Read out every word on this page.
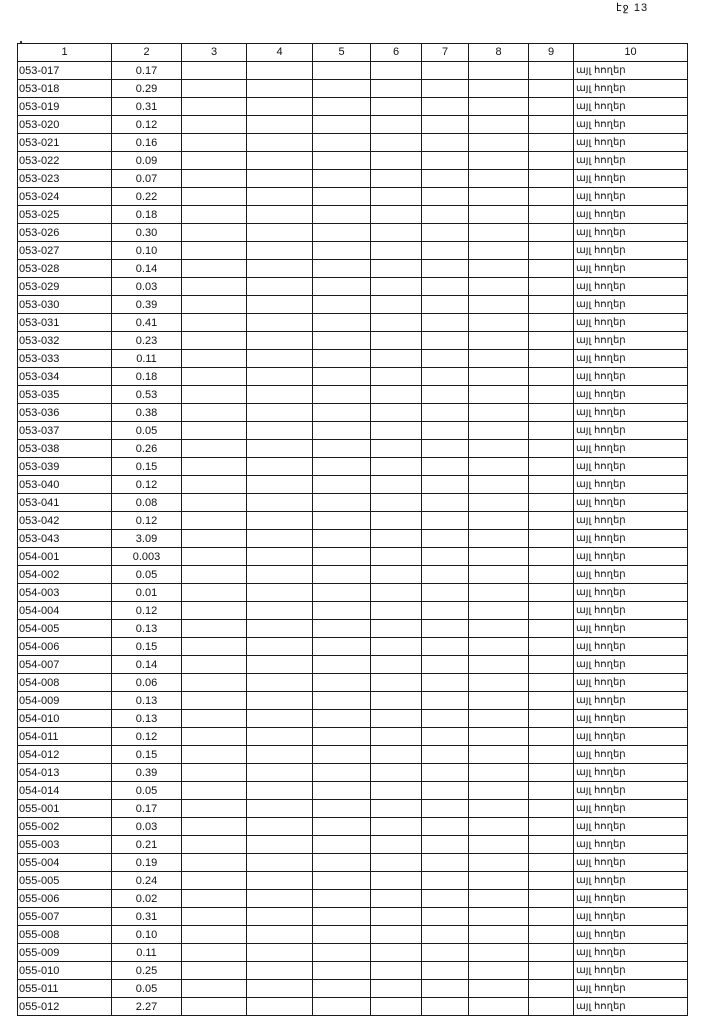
էջ 13
1	2	3	4	5	6	7	8	9	10
053-017	0.17								այլ հողեր
053-018	0.29								այլ հողեր
053-019	0.31								այլ հողեր
053-020	0.12								այլ հողեր
053-021	0.16								այլ հողեր
053-022	0.09								այլ հողեր
053-023	0.07								այլ հողեր
053-024	0.22								այլ հողեր
053-025	0.18								այլ հողեր
053-026	0.30								այլ հողեր
053-027	0.10								այլ հողեր
053-028	0.14								այլ հողեր
053-029	0.03								այլ հողեր
053-030	0.39								այլ հողեր
053-031	0.41								այլ հողեր
053-032	0.23								այլ հողեր
053-033	0.11								այլ հողեր
053-034	0.18								այլ հողեր
053-035	0.53								այլ հողեր
053-036	0.38								այլ հողեր
053-037	0.05								այլ հողեր
053-038	0.26								այլ հողեր
053-039	0.15								այլ հողեր
053-040	0.12								այլ հողեր
053-041	0.08								այլ հողեր
053-042	0.12								այլ հողեր
053-043	3.09								այլ հողեր
054-001	0.003								այլ հողեր
054-002	0.05								այլ հողեր
054-003	0.01								այլ հողեր
054-004	0.12								այլ հողեր
054-005	0.13								այլ հողեր
054-006	0.15								այլ հողեր
054-007	0.14								այլ հողեր
054-008	0.06								այլ հողեր
054-009	0.13								այլ հողեր
054-010	0.13								այլ հողեր
054-011	0.12								այլ հողեր
054-012	0.15								այլ հողեր
054-013	0.39								այլ հողեր
054-014	0.05								այլ հողեր
055-001	0.17								այլ հողեր
055-002	0.03								այլ հողեր
055-003	0.21								այլ հողեր
055-004	0.19								այլ հողեր
055-005	0.24								այլ հողեր
055-006	0.02								այլ հողեր
055-007	0.31								այլ հողեր
055-008	0.10								այլ հողեր
055-009	0.11								այլ հողեր
055-010	0.25								այլ հողեր
055-011	0.05								այլ հողեր
055-012	2.27								այլ հողեր
